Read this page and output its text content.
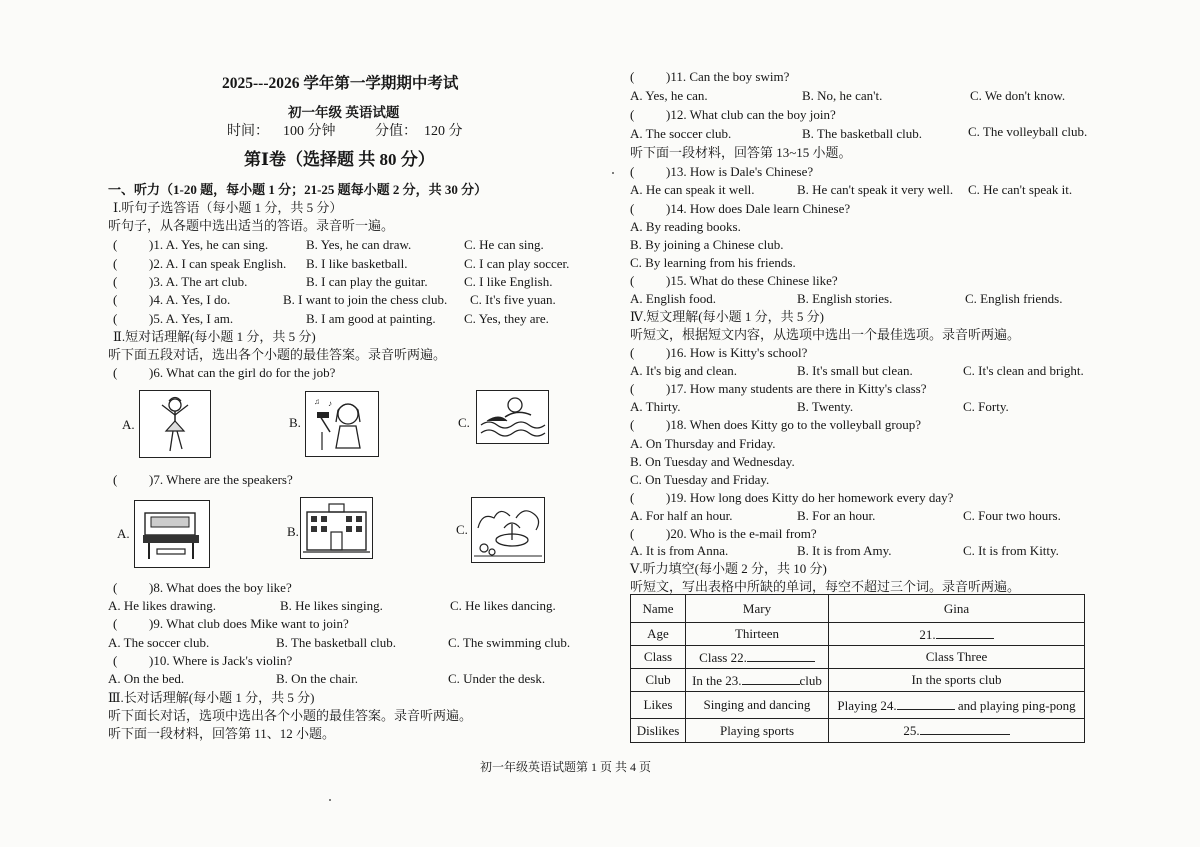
2025---2026 学年第一学期期中考试
初一年级 英语试题
时间： 100 分钟	分值： 120 分
第Ⅰ卷（选择题 共 80 分）
一、听力（1-20 题，每小题 1 分；21-25 题每小题 2 分，共 30 分）
Ⅰ.听句子选答语（每小题 1 分，共 5 分）
听句子，从各题中选出适当的答语。录音听一遍。
( )1. A. Yes, he can sing.	B. Yes, he can draw.	C. He can sing.
( )2. A. I can speak English. B. I like basketball.	C. I can play soccer.
( )3. A. The art club.	B. I can play the guitar.	C. I like English.
( )4. A. Yes, I do.	B. I want to join the chess club. C. It's five yuan.
( )5. A. Yes, I am.	B. I am good at painting. C. Yes, they are.
Ⅱ.短对话理解(每小题 1 分，共 5 分)
听下面五段对话，选出各个小题的最佳答案。录音听两遍。
( )6. What can the girl do for the job?
A.	B.
♪
♫
C.
( )7. Where are the speakers?
A.	B.	C.
( )8. What does the boy like?
A. He likes drawing.	B. He likes singing.	C. He likes dancing.
( )9. What club does Mike want to join?
A. The soccer club.	B. The basketball club.	C. The swimming club.
( )10. Where is Jack's violin?
A. On the bed.	B. On the chair.	C. Under the desk.
Ⅲ.长对话理解(每小题 1 分，共 5 分)
听下面长对话，选项中选出各个小题的最佳答案。录音听两遍。
听下面一段材料，回答第 11、12 小题。
( )11. Can the boy swim?
A. Yes, he can.	B. No, he can't.	C. We don't know.
( )12. What club can the boy join?
A. The soccer club.	B. The basketball club.	C. The volleyball club.
听下面一段材料，回答第 13~15 小题。
( )13. How is Dale's Chinese?
A. He can speak it well.	B. He can't speak it very well. C. He can't speak it.
( )14. How does Dale learn Chinese?
A. By reading books.
B. By joining a Chinese club.
C. By learning from his friends.
( )15. What do these Chinese like?
A. English food.	B. English stories.	C. English friends.
Ⅳ.短文理解(每小题 1 分，共 5 分)
听短文，根据短文内容，从选项中选出一个最佳选项。录音听两遍。
( )16. How is Kitty's school?
A. It's big and clean.	B. It's small but clean.	C. It's clean and bright.
( )17. How many students are there in Kitty's class?
A. Thirty.	B. Twenty.	C. Forty.
( )18. When does Kitty go to the volleyball group?
A. On Thursday and Friday.
B. On Tuesday and Wednesday.
C. On Tuesday and Friday.
( )19. How long does Kitty do her homework every day?
A. For half an hour.	B. For an hour.	C. Four two hours.
( )20. Who is the e-mail from?
A. It is from Anna.	B. It is from Amy.	C. It is from Kitty.
Ⅴ.听力填空(每小题 2 分，共 10 分)
听短文，写出表格中所缺的单词，每空不超过三个词。录音听两遍。
Name	Mary	Gina
Age	Thirteen	21.
Class	Class 22.	Class Three
Club	In the 23. club	In the sports club
Likes	Singing and dancing	Playing 24. and playing ping-pong
Dislikes	Playing sports	25.
初一年级英语试题第 1 页 共 4 页
